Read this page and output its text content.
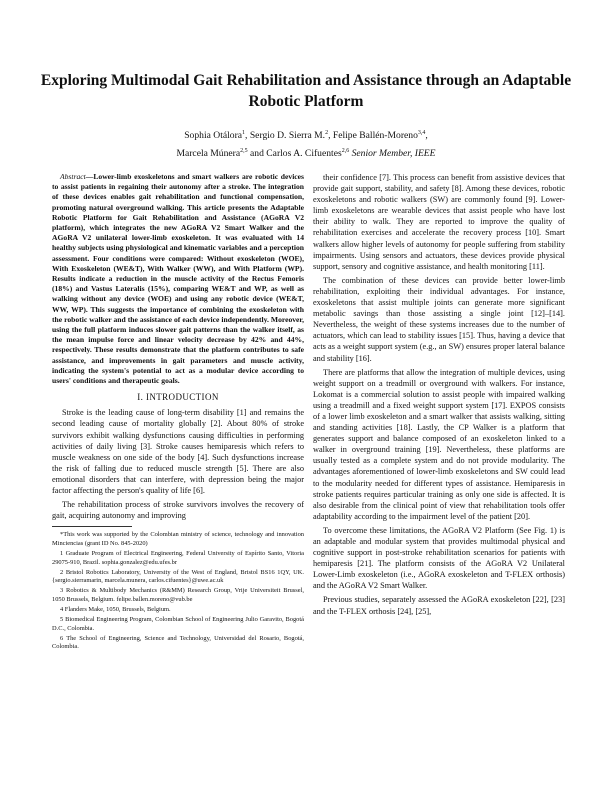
Exploring Multimodal Gait Rehabilitation and Assistance through an Adaptable Robotic Platform
Sophia Otálora$^1$, Sergio D. Sierra M.$^2$, Felipe Ballén-Moreno$^{3,4}$,
Marcela Múnera$^{2,5}$ and Carlos A. Cifuentes$^{2,6}$ Senior Member, IEEE

Abstract—Lower-limb exoskeletons and smart walkers are robotic devices to assist patients in regaining their autonomy after a stroke. The integration of these devices enables gait rehabilitation and functional compensation, promoting natural overground walking. This article presents the Adaptable Robotic Platform for Gait Rehabilitation and Assistance (AGoRA V2 platform), which integrates the new AGoRA V2 Smart Walker and the AGoRA V2 unilateral lower-limb exoskeleton. It was evaluated with 14 healthy subjects using physiological and kinematic variables and a perception assessment. Four conditions were compared: Without exoskeleton (WOE), With Exoskeleton (WE&T), With Walker (WW), and With Platform (WP). Results indicate a reduction in the muscle activity of the Rectus Femoris (18%) and Vastus Lateralis (15%), comparing WE&T and WP, as well as walking without any device (WOE) and using any robotic device (WE&T, WW, WP). This suggests the importance of combining the exoskeleton with the robotic walker and the assistance of each device independently. Moreover, using the full platform induces slower gait patterns than the walker itself, as the mean impulse force and linear velocity decrease by 42% and 44%, respectively. These results demonstrate that the platform contributes to safe assistance, and improvements in gait parameters and muscle activity, indicating the system's potential to act as a modular device according to users' conditions and therapeutic goals.

I. INTRODUCTION

Stroke is the leading cause of long-term disability [1] and remains the second leading cause of mortality globally [2]. About 80% of stroke survivors exhibit walking dysfunctions causing difficulties in performing activities of daily living [3]. Stroke causes hemiparesis which refers to muscle weakness on one side of the body [4]. Such dysfunctions increase the risk of falling due to reduced muscle strength [5]. There are also emotional disorders that can interfere, with depression being the major factor affecting the person's quality of life [6].

The rehabilitation process of stroke survivors involves the recovery of gait, acquiring autonomy and improving

*This work was supported by the Colombian ministry of science, technology and innovation Minciencias (grant ID No. 845-2020)

1 Graduate Program of Electrical Engineering, Federal University of Espírito Santo, Vitoria 29075-910, Brazil. sophia.gonzalez@edu.ufes.br

2 Bristol Robotics Laboratory, University of the West of England, Bristol BS16 1QY, UK. {sergio.sierramarin, marcela.munera, carlos.cifuentes}@uwe.ac.uk

3 Robotics & Multibody Mechanics (R&MM) Research Group, Vrije Universiteit Brussel, 1050 Brussels, Belgium. felipe.ballen.moreno@vub.be

4 Flanders Make, 1050, Brussels, Belgium.

5 Biomedical Engineering Program, Colombian School of Engineering Julio Garavito, Bogotá D.C., Colombia.

6 The School of Engineering, Science and Technology, Universidad del Rosario, Bogotá, Colombia.

their confidence [7]. This process can benefit from assistive devices that provide gait support, stability, and safety [8]. Among these devices, robotic exoskeletons and robotic walkers (SW) are commonly found [9]. Lower-limb exoskeletons are wearable devices that assist people who have lost their ability to walk. They are reported to improve the quality of rehabilitation exercises and accelerate the recovery process [10]. Smart walkers allow higher levels of autonomy for people suffering from stability impairments. Using sensors and actuators, these devices provide physical support, sensory and cognitive assistance, and health monitoring [11].

The combination of these devices can provide better lower-limb rehabilitation, exploiting their individual advantages. For instance, exoskeletons that assist multiple joints can generate more significant metabolic savings than those assisting a single joint [12]–[14]. Nevertheless, the weight of these systems increases due to the number of actuators, which can lead to stability issues [15]. Thus, having a device that acts as a weight support system (e.g., an SW) ensures proper lateral balance and stability [16].

There are platforms that allow the integration of multiple devices, using weight support on a treadmill or overground with walkers. For instance, Lokomat is a commercial solution to assist people with impaired walking using a treadmill and a fixed weight support system [17]. EXPOS consists of a lower limb exoskeleton and a smart walker that assists walking, sitting and standing activities [18]. Lastly, the CP Walker is a platform that generates support and balance composed of an exoskeleton linked to a walker in overground training [19]. Nevertheless, these platforms are usually tested as a complete system and do not provide modularity. The advantages aforementioned of lower-limb exoskeletons and SW could lead to the modularity needed for different types of assistance. Hemiparesis in stroke patients requires particular training as only one side is affected. It is also desirable from the clinical point of view that rehabilitation tools offer adaptability according to the impairment level of the patient [20].

To overcome these limitations, the AGoRA V2 Platform (See Fig. 1) is an adaptable and modular system that provides multimodal physical and cognitive support in post-stroke rehabilitation scenarios for patients with hemiparesis [21]. The platform consists of the AGoRA V2 Unilateral Lower-Limb exoskeleton (i.e., AGoRA exoskeleton and T-FLEX orthosis) and the AGoRA V2 Smart Walker.

Previous studies, separately assessed the AGoRA exoskeleton [22], [23] and the T-FLEX orthosis [24], [25],
